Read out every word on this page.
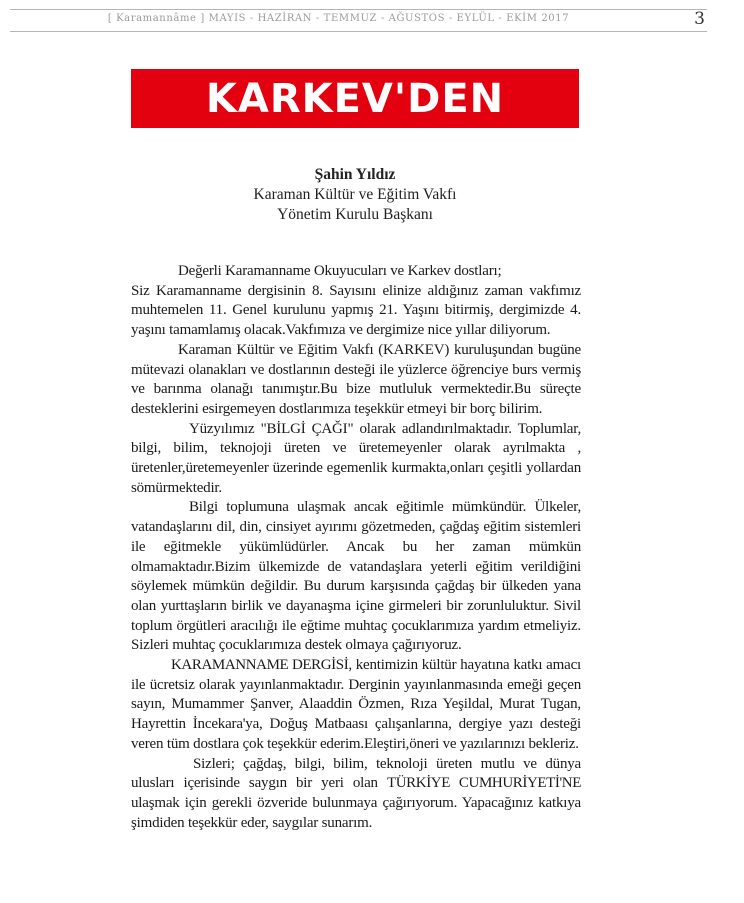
[ Karamannâme ] MAYIS - HAZİRAN - TEMMUZ - AĞUSTOS - EYLÜL - EKİM 2017	3
KARKEV'DEN
Şahin Yıldız
Karaman Kültür ve Eğitim Vakfı
Yönetim Kurulu Başkanı

Değerli Karamanname Okuyucuları ve Karkev dostları;

Siz Karamanname dergisinin 8. Sayısını elinize aldığınız zaman vakfımız muhtemelen 11. Genel kurulunu yapmış 21. Yaşını bitirmiş, dergimizde 4. yaşını tamamlamış olacak.Vakfımıza ve dergimize nice yıllar diliyorum.

Karaman Kültür ve Eğitim Vakfı (KARKEV) kuruluşundan bugüne mütevazi olanakları ve dostlarının desteği ile yüzlerce öğrenciye burs vermiş ve barınma olanağı tanımıştır.Bu bize mutluluk vermektedir.Bu süreçte desteklerini esirgemeyen dostlarımıza teşekkür etmeyi bir borç bilirim.

Yüzyılımız "BİLGİ ÇAĞI" olarak adlandırılmaktadır. Toplumlar, bilgi, bilim, teknojoji üreten ve üretemeyenler olarak ayrılmakta , üretenler,üretemeyenler üzerinde egemenlik kurmakta,onları çeşitli yollardan sömürmektedir.

Bilgi toplumuna ulaşmak ancak eğitimle mümkündür. Ülkeler, vatandaşlarını dil, din, cinsiyet ayırımı gözetmeden, çağdaş eğitim sistemleri ile eğitmekle yükümlüdürler. Ancak bu her zaman mümkün olmamaktadır.Bizim ülkemizde de vatandaşlara yeterli eğitim verildiğini söylemek mümkün değildir. Bu durum karşısında çağdaş bir ülkeden yana olan yurttaşların birlik ve dayanaşma içine girmeleri bir zorunluluktur. Sivil toplum örgütleri aracılığı ile eğtime muhtaç çocuklarımıza yardım etmeliyiz. Sizleri muhtaç çocuklarımıza destek olmaya çağırıyoruz.

KARAMANNAME DERGİSİ, kentimizin kültür hayatına katkı amacı ile ücretsiz olarak yayınlanmaktadır. Derginin yayınlanmasında emeği geçen sayın, Mumammer Şanver, Alaaddin Özmen, Rıza Yeşildal, Murat Tugan, Hayrettin İncekara'ya, Doğuş Matbaası çalışanlarına, dergiye yazı desteği veren tüm dostlara çok teşekkür ederim.Eleştiri,öneri ve yazılarınızı bekleriz.

Sizleri; çağdaş, bilgi, bilim, teknoloji üreten mutlu ve dünya ulusları içerisinde saygın bir yeri olan TÜRKİYE CUMHURİYETİ'NE ulaşmak için gerekli özveride bulunmaya çağırıyorum. Yapacağınız katkıya şimdiden teşekkür eder, saygılar sunarım.
